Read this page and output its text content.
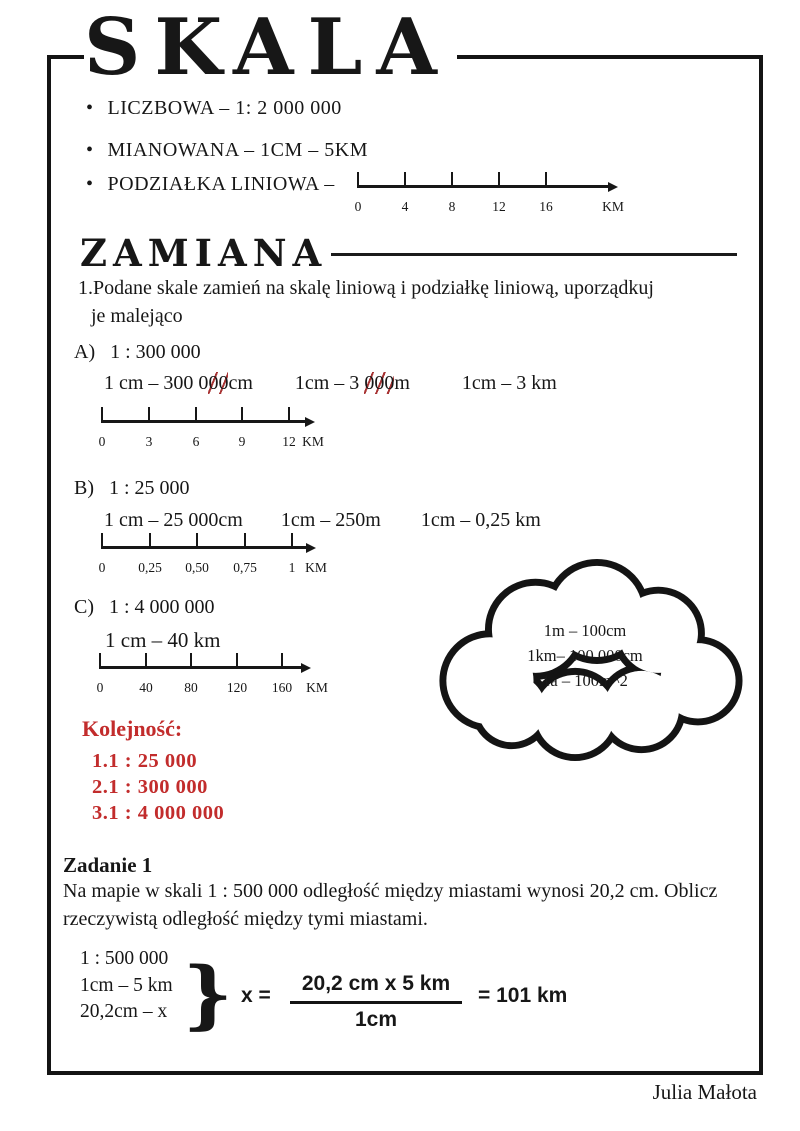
SKALA
• LICZBOWA – 1: 2 000 000
• MIANOWANA – 1CM – 5KM
• PODZIAŁKA LINIOWA –
0	4	8	12 16	KM
ZAMIANA
1.Podane skale zamień na skalę liniową i podziałkę liniową, uporządkuj
je malejąco
A) 1 : 300 000
1 cm – 300 000cm 1cm – 3 000m	1cm – 3 km
0	3	6	9	12 KM
B) 1 : 25 000
1 cm – 25 000cm 1cm – 250m 1cm – 0,25 km
0 0,25 0,50 0,75 1 KM
C) 1 : 4 000 000
1 cm – 40 km
0	40 80 120 160 KM
1m – 100cm
1km– 100 000cm
1a – 100m^2
Kolejność:
1.1 : 25 000
2.1 : 300 000
3.1 : 4 000 000
Zadanie 1
Na mapie w skali 1 : 500 000 odległość między miastami wynosi 20,2 cm. Oblicz
rzeczywistą odległość między tymi miastami.
1 : 500 000
1cm – 5 km
20,2cm – x } $x = \frac{\text{20,2 cm x 5 km}}{1cm} = 101$ km
Julia Małota
